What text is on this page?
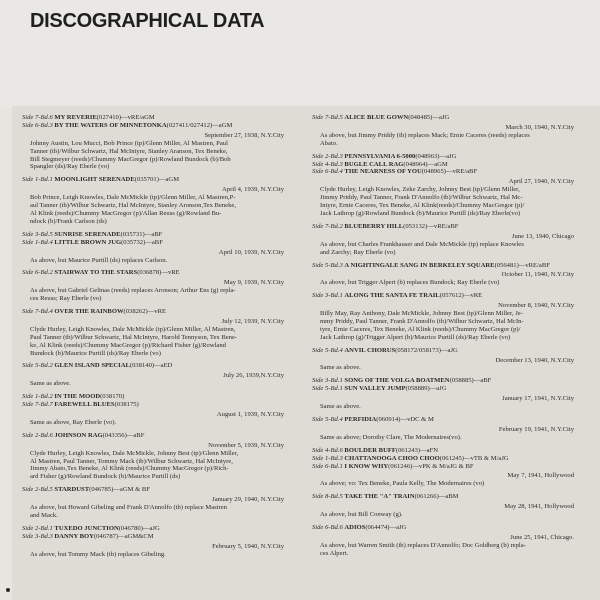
DISCOGRAPHICAL DATA
Side 7-Bd.6 MY REVERIE(027410)—vRE/aGM
Side 6-Bd.3 BY THE WATERS OF MINNETONKA(027411/027412)—aGM
September 27, 1938, N.Y.City
Johnny Austin, Lou Mucci, Bob Prince (tp)/Glenn Miller, Al Mastren, Paul
Tanner (tb)/Wilbur Schwartz, Hal McIntyre, Stanley Aranson, Tex Beneke,
Bill Stegmeyer (reeds)/Chummy MacGregor (p)/Rowland Bundock (b)/Bob
Spangler (ds)/Ray Eberle (vo)
Side 1-Bd.1 MOONLIGHT SERENADE(035701)—aGM
April 4, 1939, N.Y.City
Bob Prince, Leigh Knowles, Dale McMickle (tp)/Glenn Miller, Al Mastren,P-
aul Tanner (tb)/Wilbur Schwartz, Hal McIntyre, Stanley Aronson,Tex Beneke,
Al Klink (reeds)/Chummy MacGregor (p)/Allan Reuss (g)/Rowland Bu-
ndock (b)/Frank Carlson (ds)
Side 3-Bd.5 SUNRISE SERENADE(035731)—aBF
Side 1-Bd.4 LITTLE BROWN JUG(035732)—aBF
April 10, 1939, N.Y.City
As above, but Maurice Purtill (ds) replaces Carlson.
Side 6-Bd.2 STAIRWAY TO THE STARS(036878)—vRE
May 9, 1939, N.Y.City
As above, but Gabriel Gelinas (reeds) replaces Aronson; Arthur Ens (g) repla-
ces Reuss; Ray Eberle (vo)
Side 7-Bd.4 OVER THE RAINBOW(038262)—vRE
July 12, 1939, N.Y.City
Clyde Hurley, Leigh Knowles, Dale McMickle (tp)/Glenn Miller, Al Mastren,
Paul Tanner (tb)/Wilbur Schwartz, Hal McIntyre, Harold Tennyson, Tex Bene-
ke, Al Klink (reeds)/Chummy MacGregor (p)/Richard Fisher (g)/Rowland
Bundock (b)/Maurice Purtill (ds)/Ray Eberle (vo)
Side 5-Bd.2 GLEN ISLAND SPECIAL(038140)—aED
July 26, 1939,N.Y.City
Same as above.
Side 1-Bd.2 IN THE MOOD(038170)
Side 7-Bd.7 FAREWELL BLUES(038175)
August 1, 1939, N.Y.City
Same as above, Ray Eberle (vo).
Side 2-Bd.6 JOHNSON RAG(043356)—aBF
November 5, 1939, N.Y.City
Clyde Hurley, Leigh Knowles, Dale McMickle, Johnny Best (tp)/Glenn Miller,
Al Mastren, Paul Tanner, Tommy Mack (tb)/Wilbur Schwartz, Hal McIntyre,
Jimmy Abato,Tex Beneke, Al Klink (reeds)/Chummy MacGregor (p)/Rich-
ard Fisher (g)/Rowland Bundock (b)/Maurice Purtill (ds)
Side 2-Bd.5 STARDUST(046785)—aGM & BF
January 29, 1940, N.Y.City
As above, but Howard Gibeling and Frank D'Annolfo (tb) replace Mastren
and Mack.
Side 2-Bd.1 TUXEDO JUNCTION(046780)—aJG
Side 3-Bd.3 DANNY BOY(046787)—aGM&CM
February 5, 1940, N.Y.City
As above, but Tommy Mack (tb) replaces Gibeling.
Side 7-Bd.5 ALICE BLUE GOWN(048485)—aJG
March 30, 1940, N.Y.City
As above, but Jimmy Priddy (tb) replaces Mack; Ernie Caceres (reeds) replaces
Abato.
Side 2-Bd.3 PENNSYLVANIA 6-5000(048963)—aJG
Side 4-Bd.3 BUGLE CALL RAG(048964)—aGM
Side 6-Bd.4 THE NEARNESS OF YOU(048965)—vRE/aBF
April 27, 1940, N.Y.City
Clyde Hurley, Leigh Knowles, Zeke Zarchy, Johnny Best (tp)/Glenn Miller,
Jimmy Priddy, Paul Tanner, Frank D'Annolfo (tb)/Wilbur Schwartz, Hal Mc-
Intyre, Ernie Caceres, Tex Beneke, Al Klink(reeds)/Chummy MacGregor (p)/
Jack Lathrop (g)/Rowland Bundock (b)/Maurice Purtill (ds)/Ray Eberle(vo)
Side 7-Bd.2 BLUEBERRY HILL(053132)—vRE/aBF
June 13, 1940, Chicago
As above, but Charles Frankhauser and Dale McMickle (tp) replace Knowles
and Zarchy; Ray Eberle (vo)
Side 5-Bd.3 A NIGHTINGALE SANG IN BERKELEY SQUARE(056481)—vRE/aBF
October 11, 1940, N.Y.City
As above, but Trigger Alpert (b) replaces Bundock; Ray Eberle (vo)
Side 3-Bd.1 ALONG THE SANTA FE TRAIL(057612)—vRE
November 8, 1940, N.Y.City
Billy May, Ray Anthony, Dale McMickle, Johnny Best (tp)/Glenn Miller, Je-
mmy Priddy, Paul Tanner, Frank D'Annolfo (tb)/Wilbur Schwartz, Hal McIn-
tyre, Ernie Caceres, Tex Beneke, Al Klink (reeds)/Chummy MacGregor (p)/
Jack Lathrop (g)/Trigger Alpert (b)/Maurice Purtill (ds)/Ray Eberle (vo)
Side 5-Bd.4 ANVIL CHORUS(058172/058173)—aJG
December 13, 1940, N.Y.City
Same as above.
Side 3-Bd.1 SONG OF THE VOLGA BOATMEN(058885)—aBF
Side 5-Bd.1 SUN VALLEY JUMP(058889)—aJG
January 17, 1941, N.Y.City
Same as above.
Side 5-Bd.4 PERFIDIA(060914)—vDC & M
February 19, 1941, N.Y.City
Same as above; Dorothy Clare, The Modernaires(vo).
Side 4-Bd.6 BOULDER BUFF(061243)—aFN
Side 1-Bd.3 CHATTANOOGA CHOO CHOO(061245)—vTB & M/aJG
Side 6-Bd.1 I KNOW WHY(061246)—vPK & M/aJG & BF
May 7, 1941, Hollywood
As above; vo: Tex Beneke, Paula Kelly, The Modernaires (vo)
Side 8-Bd.5 TAKE THE "A" TRAIN(061266)—aBM
May 28, 1941, Hollywood
As above, but Bill Conway (g).
Side 6-Bd.6 ADIOS(064474)—aJG
June 25, 1941, Chicago.
As above, but Warren Smith (tb) replaces D'Annolfo; Doc Goldberg (b) repla-
ces Alpert.
